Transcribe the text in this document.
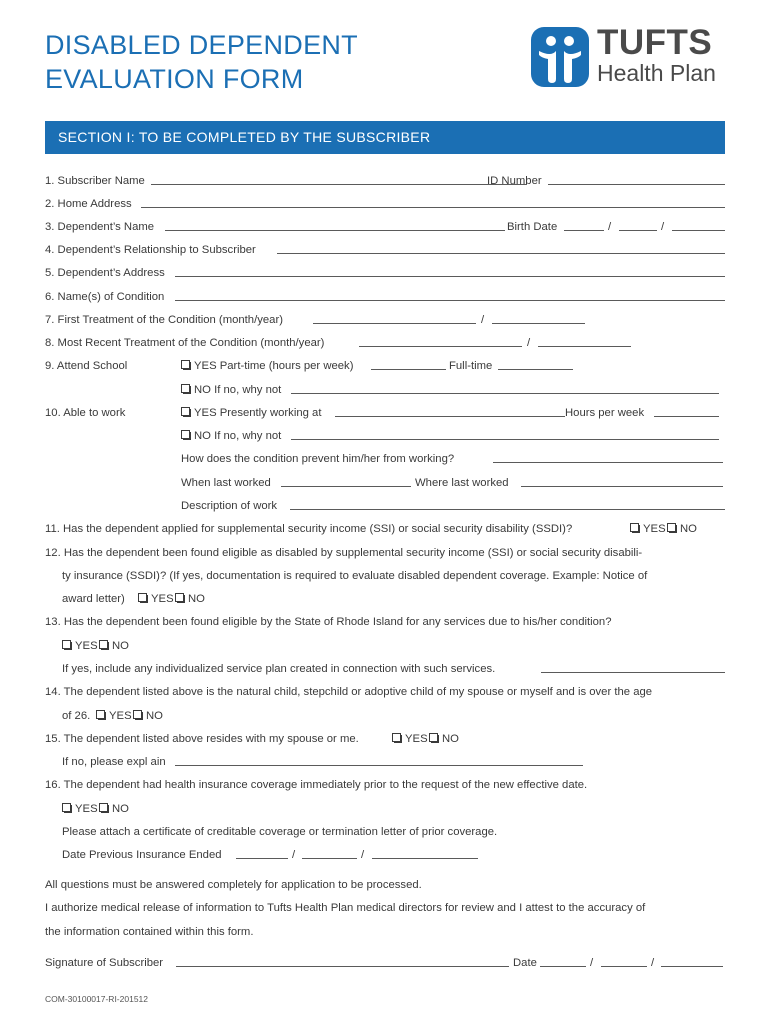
DISABLED DEPENDENT
EVALUATION FORM
TUFTS
Health Plan
SECTION I: TO BE COMPLETED BY THE SUBSCRIBER
1. Subscriber Name	ID Number
2. Home Address
3. Dependent’s Name	Birth Date	/	/
4. Dependent’s Relationship to Subscriber
5. Dependent’s Address
6. Name(s) of Condition
7. First Treatment of the Condition (month/year)	/
8. Most Recent Treatment of the Condition (month/year)	/
9. Attend School	YES Part-time (hours per week)	Full-time
NO If no, why not
10. Able to work	YES Presently working at	Hours per week
NO If no, why not
How does the condition prevent him/her from working?
When last worked	Where last worked
Description of work
11. Has the dependent applied for supplemental security income (SSI) or social security disability (SSDI)?	YES	NO
12. Has the dependent been found eligible as disabled by supplemental security income (SSI) or social security disabili-
ty insurance (SSDI)? (If yes, documentation is required to evaluate disabled dependent coverage. Example: Notice of
award letter)	YES	NO
13. Has the dependent been found eligible by the State of Rhode Island for any services due to his/her condition?
YES	NO
If yes, include any individualized service plan created in connection with such services.
14. The dependent listed above is the natural child, stepchild or adoptive child of my spouse or myself and is over the age
of 26.	YES	NO
15. The dependent listed above resides with my spouse or me.	YES	NO
If no, please expl ain
16. The dependent had health insurance coverage immediately prior to the request of the new effective date.
YES	NO
Please attach a certificate of creditable coverage or termination letter of prior coverage.
Date Previous Insurance Ended	/	/
All questions must be answered completely for application to be processed.
I authorize medical release of information to Tufts Health Plan medical directors for review and I attest to the accuracy of
the information contained within this form.
Signature of Subscriber	Date	/	/
COM-30100017-RI-201512
